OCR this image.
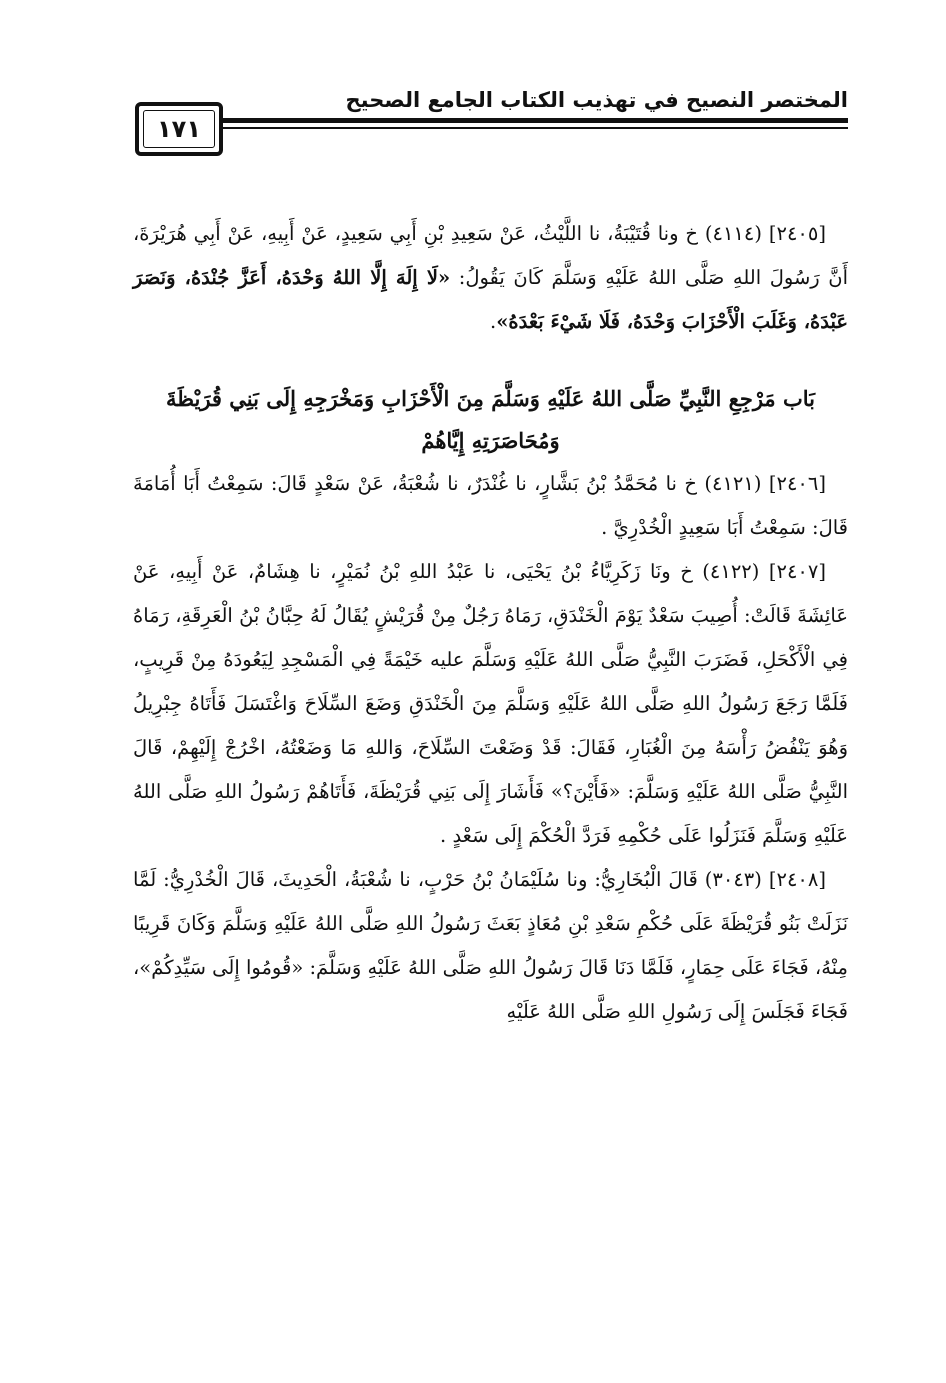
المختصر النصيح في تهذيب الكتاب الجامع الصحيح
١٧١

[٢٤٠٥] (٤١١٤) خ ونا قُتَيْبَةُ، نا اللَّيْثُ، عَنْ سَعِيدِ بْنِ أَبِي سَعِيدٍ، عَنْ أَبِيهِ، عَنْ أَبِي هُرَيْرَةَ، أَنَّ رَسُولَ اللهِ صَلَّى اللهُ عَلَيْهِ وَسَلَّمَ كَانَ يَقُولُ: «لَا إِلَهَ إِلَّا اللهُ وَحْدَهُ، أَعَزَّ جُنْدَهُ، وَنَصَرَ عَبْدَهُ، وَغَلَبَ الْأَحْزَابَ وَحْدَهُ، فَلَا شَيْءَ بَعْدَهُ».

بَاب مَرْجِعِ النَّبِيِّ صَلَّى اللهُ عَلَيْهِ وَسَلَّمَ مِنَ الْأَحْزَابِ وَمَخْرَجِهِ إِلَى بَنِي قُرَيْظَةَ
وَمُحَاصَرَتِهِ إِيَّاهُمْ

[٢٤٠٦] (٤١٢١) خ نا مُحَمَّدُ بْنُ بَشَّارٍ، نا غُنْدَرٌ، نا شُعْبَةُ، عَنْ سَعْدٍ قَالَ: سَمِعْتُ أَبَا أُمَامَةَ قَالَ: سَمِعْتُ أَبَا سَعِيدٍ الْخُدْرِيَّ .

[٢٤٠٧] (٤١٢٢) خ ونَا زَكَرِيَّاءُ بْنُ يَحْيَى، نا عَبْدُ اللهِ بْنُ نُمَيْرٍ، نا هِشَامٌ، عَنْ أَبِيهِ، عَنْ عَائِشَةَ قَالَتْ: أُصِيبَ سَعْدٌ يَوْمَ الْخَنْدَقِ، رَمَاهُ رَجُلٌ مِنْ قُرَيْشٍ يُقَالُ لَهُ حِبَّانُ بْنُ الْعَرِقَةِ، رَمَاهُ فِي الْأَكْحَلِ، فَضَرَبَ النَّبِيُّ صَلَّى اللهُ عَلَيْهِ وَسَلَّمَ عليه خَيْمَةً فِي الْمَسْجِدِ لِيَعُودَهُ مِنْ قَرِيبٍ، فَلَمَّا رَجَعَ رَسُولُ اللهِ صَلَّى اللهُ عَلَيْهِ وَسَلَّمَ مِنَ الْخَنْدَقِ وَضَعَ السِّلَاحَ وَاغْتَسَلَ فَأَتَاهُ جِبْرِيلُ وَهُوَ يَنْفُضُ رَأْسَهُ مِنَ الْغُبَارِ، فَقَالَ: قَدْ وَضَعْتَ السِّلَاحَ، وَاللهِ مَا وَضَعْتُهُ، اخْرُجْ إِلَيْهِمْ، قَالَ النَّبِيُّ صَلَّى اللهُ عَلَيْهِ وَسَلَّمَ: «فَأَيْنَ؟» فَأَشَارَ إِلَى بَنِي قُرَيْظَةَ، فَأَتَاهُمْ رَسُولُ اللهِ صَلَّى اللهُ عَلَيْهِ وَسَلَّمَ فَنَزَلُوا عَلَى حُكْمِهِ فَرَدَّ الْحُكْمَ إِلَى سَعْدٍ .

[٢٤٠٨] (٣٠٤٣) قَالَ الْبُخَارِيُّ: ونا سُلَيْمَانُ بْنُ حَرْبٍ، نا شُعْبَةُ، الْحَدِيثَ، قَالَ الْخُدْرِيُّ: لَمَّا نَزَلَتْ بَنُو قُرَيْظَةَ عَلَى حُكْمِ سَعْدِ بْنِ مُعَاذٍ بَعَثَ رَسُولُ اللهِ صَلَّى اللهُ عَلَيْهِ وَسَلَّمَ وَكَانَ قَرِيبًا مِنْهُ، فَجَاءَ عَلَى حِمَارٍ، فَلَمَّا دَنَا قَالَ رَسُولُ اللهِ صَلَّى اللهُ عَلَيْهِ وَسَلَّمَ: «قُومُوا إِلَى سَيِّدِكُمْ»، فَجَاءَ فَجَلَسَ إِلَى رَسُولِ اللهِ صَلَّى اللهُ عَلَيْهِ
